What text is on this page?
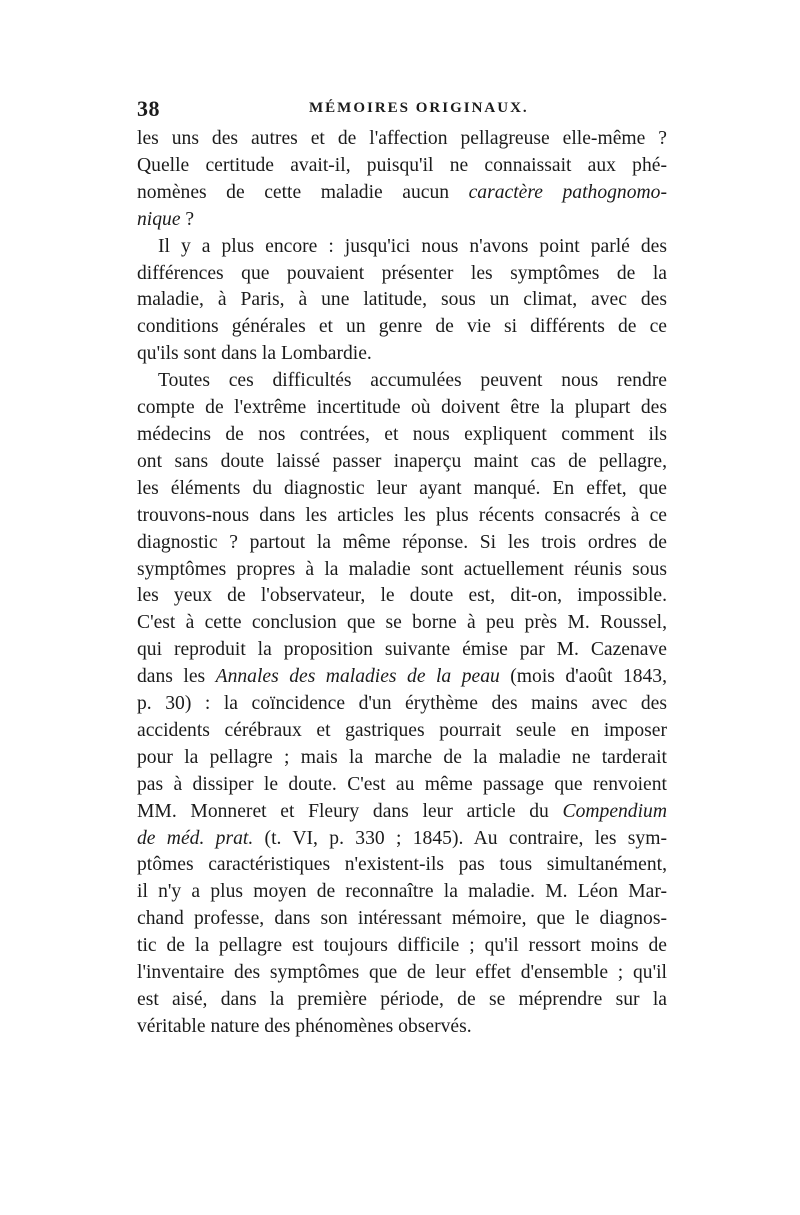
38	MÉMOIRES ORIGINAUX.
les uns des autres et de l'affection pellagreuse elle-même ?
Quelle certitude avait-il, puisqu'il ne connaissait aux phé-
nomènes de cette maladie aucun caractère pathognomo-
nique ?
Il y a plus encore : jusqu'ici nous n'avons point parlé des
différences que pouvaient présenter les symptômes de la
maladie, à Paris, à une latitude, sous un climat, avec des
conditions générales et un genre de vie si différents de ce
qu'ils sont dans la Lombardie.
Toutes ces difficultés accumulées peuvent nous rendre
compte de l'extrême incertitude où doivent être la plupart des
médecins de nos contrées, et nous expliquent comment ils
ont sans doute laissé passer inaperçu maint cas de pellagre,
les éléments du diagnostic leur ayant manqué. En effet, que
trouvons-nous dans les articles les plus récents consacrés à ce
diagnostic ? partout la même réponse. Si les trois ordres de
symptômes propres à la maladie sont actuellement réunis sous
les yeux de l'observateur, le doute est, dit-on, impossible.
C'est à cette conclusion que se borne à peu près M. Roussel,
qui reproduit la proposition suivante émise par M. Cazenave
dans les Annales des maladies de la peau (mois d'août 1843,
p. 30) : la coïncidence d'un érythème des mains avec des
accidents cérébraux et gastriques pourrait seule en imposer
pour la pellagre ; mais la marche de la maladie ne tarderait
pas à dissiper le doute. C'est au même passage que renvoient
MM. Monneret et Fleury dans leur article du Compendium
de méd. prat. (t. VI, p. 330 ; 1845). Au contraire, les sym-
ptômes caractéristiques n'existent-ils pas tous simultanément,
il n'y a plus moyen de reconnaître la maladie. M. Léon Mar-
chand professe, dans son intéressant mémoire, que le diagnos-
tic de la pellagre est toujours difficile ; qu'il ressort moins de
l'inventaire des symptômes que de leur effet d'ensemble ; qu'il
est aisé, dans la première période, de se méprendre sur la
véritable nature des phénomènes observés.
